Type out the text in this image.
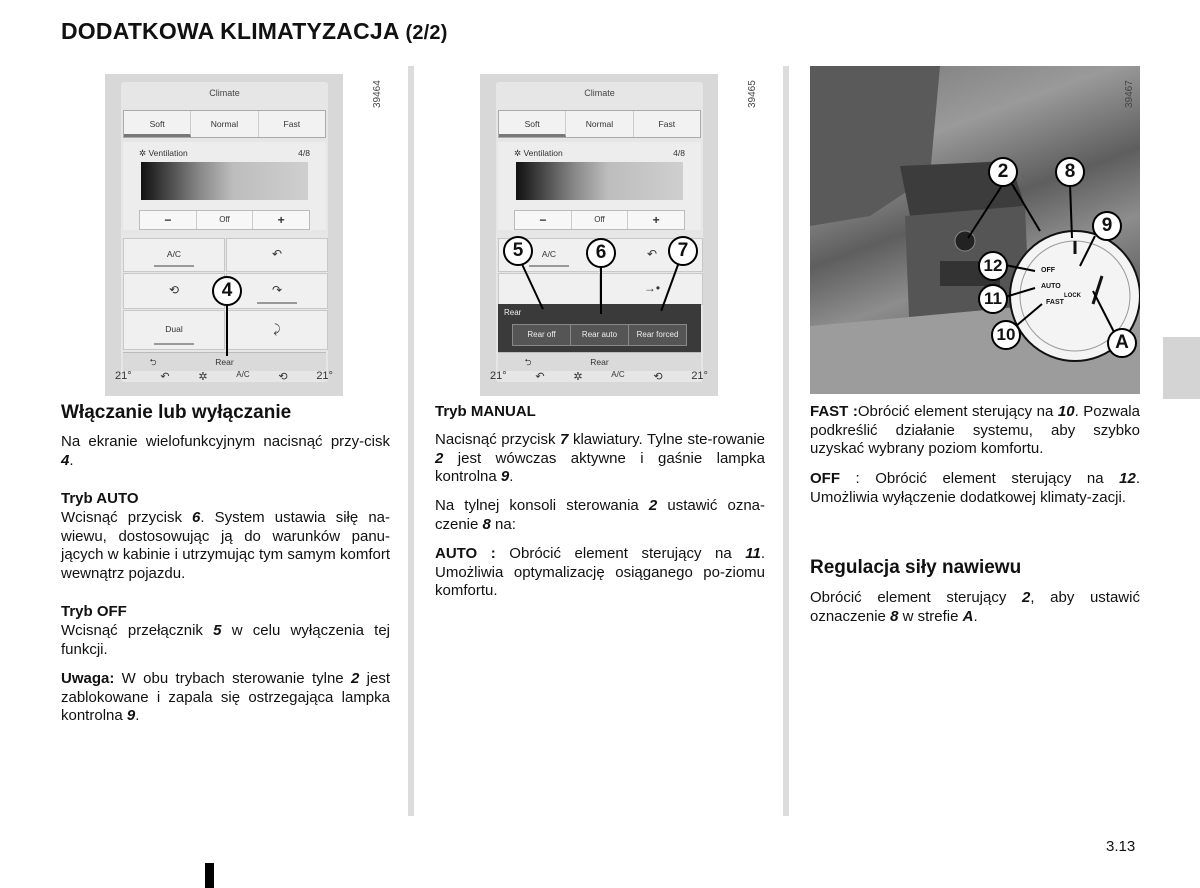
DODATKOWA KLIMATYZACJA (2/2)
Climate
Soft	Normal	Fast
✲ Ventilation	4/8
−	Off	+
A/C	↶
⟲	↷
Dual	⤸
⮌	Rear
21°	↶	✲	A/C	⟲	21°
39464
4
Climate
Soft	Normal	Fast
✲ Ventilation	4/8
−	Off	+
A/C	↶
→•
Rear
Rear off	Rear auto	Rear forced
⮌	Rear
21°	↶	✲	A/C	⟲	21°
39465
5	6	7
OFF
AUTO
FAST
LOCK
39467
2	8
9
12
11
10	A
Włączanie lub wyłączanie
Na ekranie wielofunkcyjnym nacisnąć przy-cisk 4.
Tryb AUTO
Wcisnąć przycisk 6. System ustawia siłę na-wiewu, dostosowując ją do warunków panu-jących w kabinie i utrzymując tym samym komfort wewnątrz pojazdu.
Tryb OFF
Wcisnąć przełącznik 5 w celu wyłączenia tej funkcji.
Uwaga: W obu trybach sterowanie tylne 2 jest zablokowane i zapala się ostrzegająca lampka kontrolna 9.
Tryb MANUAL
Nacisnąć przycisk 7 klawiatury. Tylne ste-rowanie 2 jest wówczas aktywne i gaśnie lampka kontrolna 9.
Na tylnej konsoli sterowania 2 ustawić ozna-czenie 8 na:
AUTO : Obrócić element sterujący na 11. Umożliwia optymalizację osiąganego po-ziomu komfortu.
FAST :Obrócić element sterujący na 10. Pozwala podkreślić działanie systemu, aby szybko uzyskać wybrany poziom komfortu.
OFF : Obrócić element sterujący na 12. Umożliwia wyłączenie dodatkowej klimaty-zacji.
Regulacja siły nawiewu
Obrócić element sterujący 2, aby ustawić oznaczenie 8 w strefie A.
3.13
